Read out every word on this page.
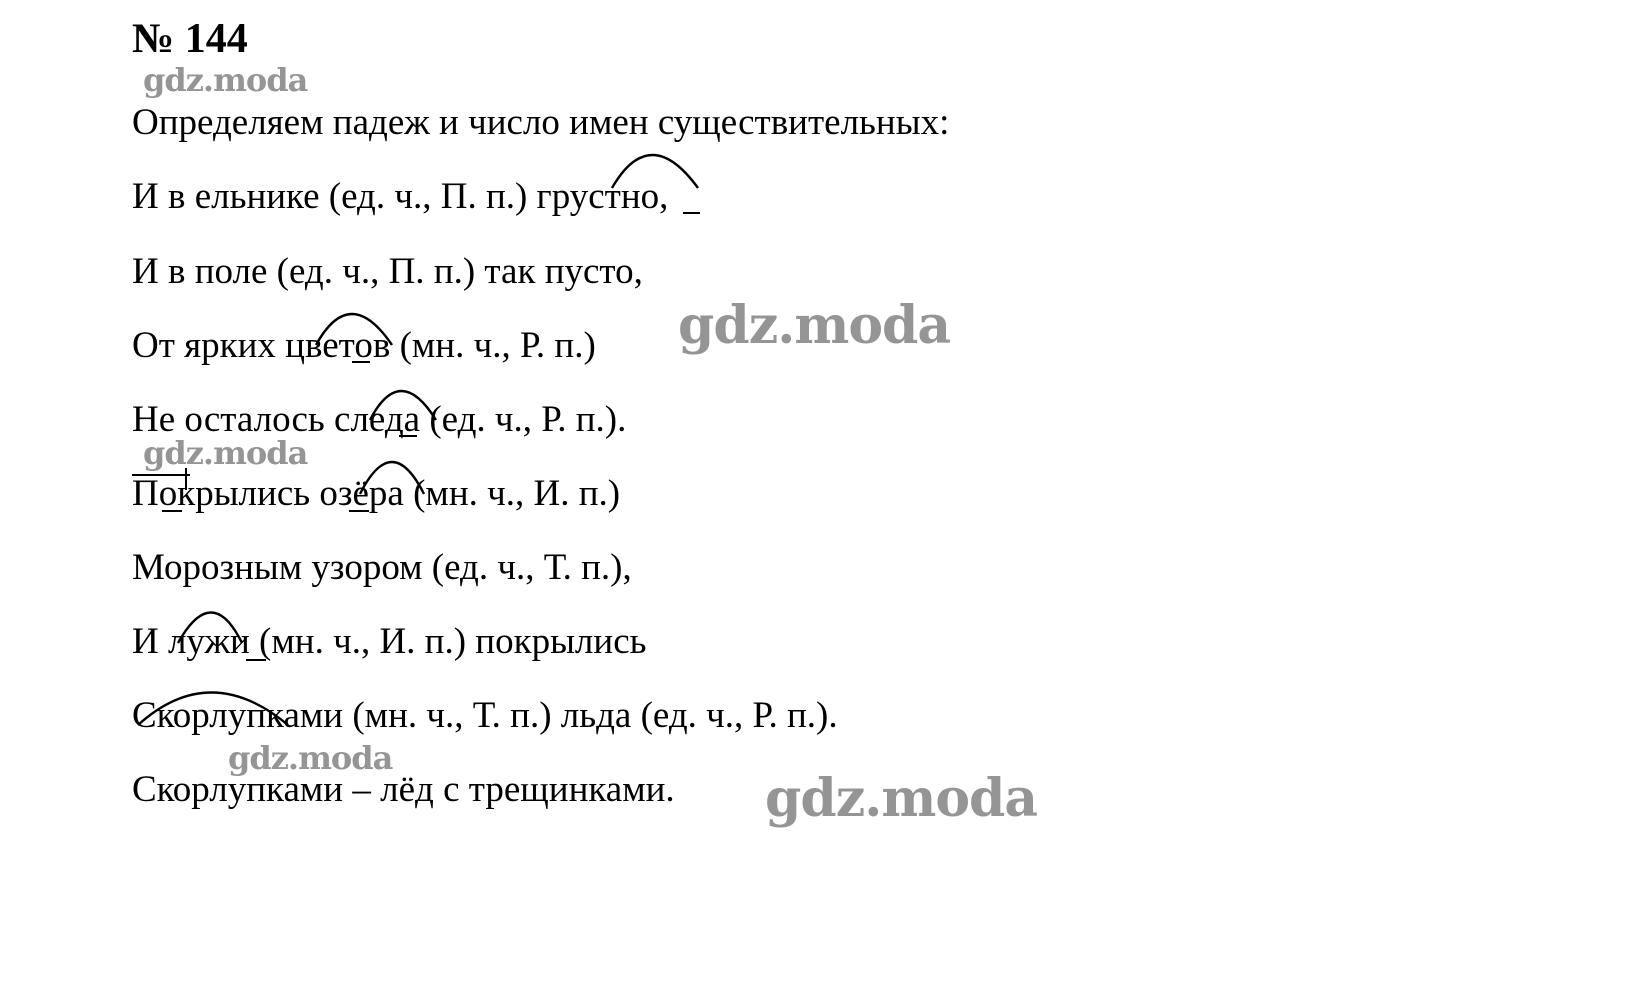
№ 144
gdz.moda
Определяем падеж и число имен существительных:
И в ельнике (ед. ч., П. п.) грустно,
И в поле (ед. ч., П. п.) так пусто,
От ярких цветов (мн. ч., Р. п.) gdz.moda
Не осталось следа (ед. ч., Р. п.).
gdz.moda
Покрылись озёра (мн. ч., И. п.)
Морозным узором (ед. ч., Т. п.),
И лужи (мн. ч., И. п.) покрылись
Скорлупками (мн. ч., Т. п.) льда (ед. ч., Р. п.).
gdz.moda
Скорлупками – лёд с трещинками. gdz.moda
